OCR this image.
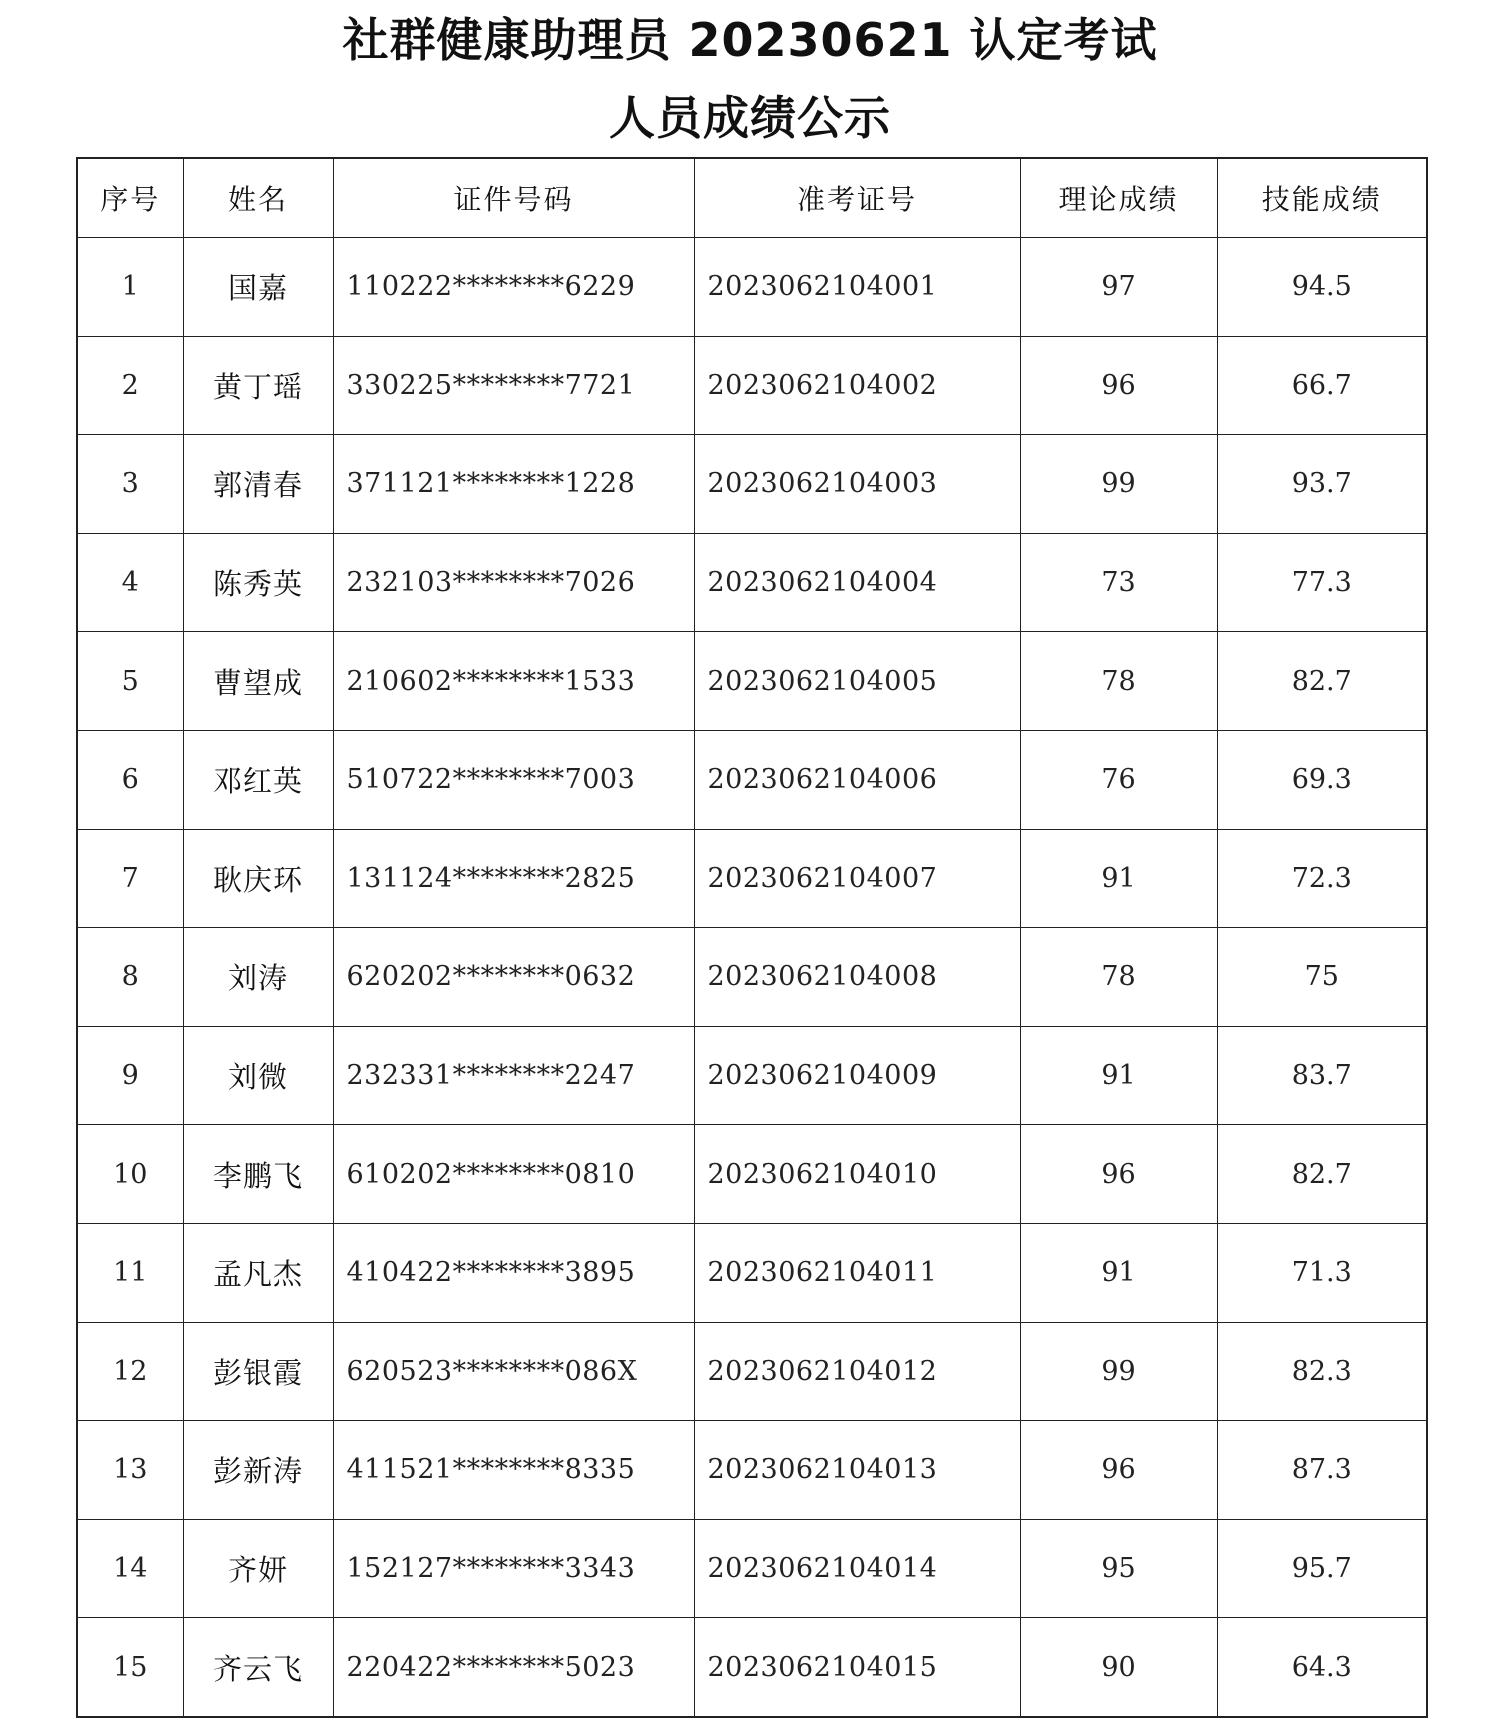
社群健康助理员 20230621 认定考试
人员成绩公示
序号	姓名	证件号码	准考证号	理论成绩	技能成绩
1	国嘉	110222********6229	2023062104001	97	94.5
2	黄丁瑶	330225********7721	2023062104002	96	66.7
3	郭清春	371121********1228	2023062104003	99	93.7
4	陈秀英	232103********7026	2023062104004	73	77.3
5	曹望成	210602********1533	2023062104005	78	82.7
6	邓红英	510722********7003	2023062104006	76	69.3
7	耿庆环	131124********2825	2023062104007	91	72.3
8	刘涛	620202********0632	2023062104008	78	75
9	刘微	232331********2247	2023062104009	91	83.7
10	李鹏飞	610202********0810	2023062104010	96	82.7
11	孟凡杰	410422********3895	2023062104011	91	71.3
12	彭银霞	620523********086X	2023062104012	99	82.3
13	彭新涛	411521********8335	2023062104013	96	87.3
14	齐妍	152127********3343	2023062104014	95	95.7
15	齐云飞	220422********5023	2023062104015	90	64.3
